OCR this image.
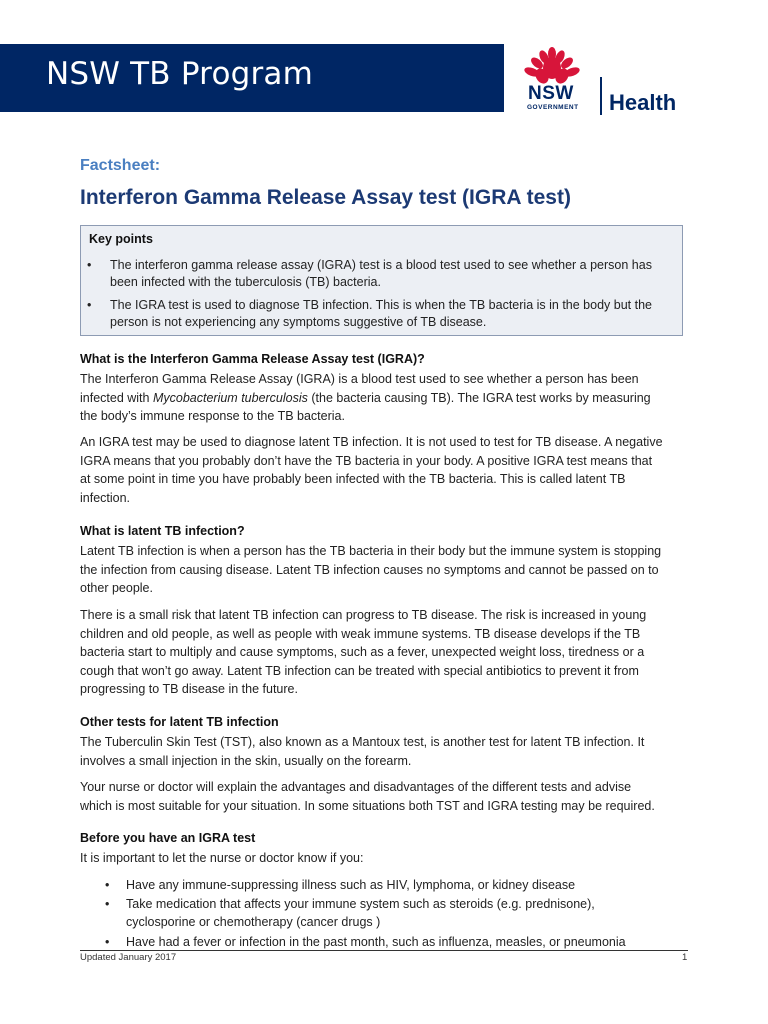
NSW TB Program
NSW
GOVERNMENT Health
Factsheet:
Interferon Gamma Release Assay test (IGRA test)
Key points
• The interferon gamma release assay (IGRA) test is a blood test used to see whether a person has
been infected with the tuberculosis (TB) bacteria.
• The IGRA test is used to diagnose TB infection. This is when the TB bacteria is in the body but the
person is not experiencing any symptoms suggestive of TB disease.
What is the Interferon Gamma Release Assay test (IGRA)?
The Interferon Gamma Release Assay (IGRA) is a blood test used to see whether a person has been
infected with Mycobacterium tuberculosis (the bacteria causing TB). The IGRA test works by measuring
the body’s immune response to the TB bacteria.
An IGRA test may be used to diagnose latent TB infection. It is not used to test for TB disease. A negative
IGRA means that you probably don’t have the TB bacteria in your body. A positive IGRA test means that
at some point in time you have probably been infected with the TB bacteria. This is called latent TB
infection.
What is latent TB infection?
Latent TB infection is when a person has the TB bacteria in their body but the immune system is stopping
the infection from causing disease. Latent TB infection causes no symptoms and cannot be passed on to
other people.
There is a small risk that latent TB infection can progress to TB disease. The risk is increased in young
children and old people, as well as people with weak immune systems. TB disease develops if the TB
bacteria start to multiply and cause symptoms, such as a fever, unexpected weight loss, tiredness or a
cough that won’t go away. Latent TB infection can be treated with special antibiotics to prevent it from
progressing to TB disease in the future.
Other tests for latent TB infection
The Tuberculin Skin Test (TST), also known as a Mantoux test, is another test for latent TB infection. It
involves a small injection in the skin, usually on the forearm.
Your nurse or doctor will explain the advantages and disadvantages of the different tests and advise
which is most suitable for your situation. In some situations both TST and IGRA testing may be required.
Before you have an IGRA test
It is important to let the nurse or doctor know if you:
• Have any immune-suppressing illness such as HIV, lymphoma, or kidney disease
• Take medication that affects your immune system such as steroids (e.g. prednisone),
cyclosporine or chemotherapy (cancer drugs )
• Have had a fever or infection in the past month, such as influenza, measles, or pneumonia
Updated January 2017	1
